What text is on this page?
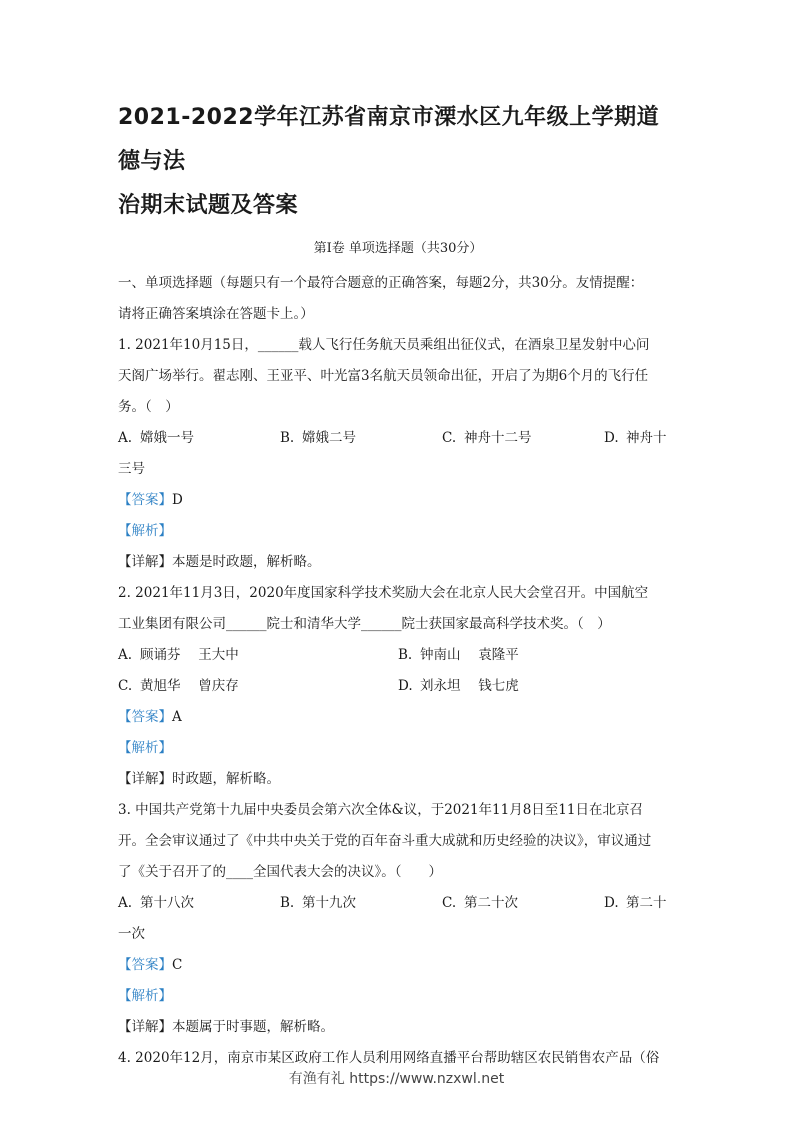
2021-2022学年江苏省南京市溧水区九年级上学期道德与法
治期末试题及答案

第Ⅰ卷 单项选择题（共30分）

一、单项选择题（每题只有一个最符合题意的正确答案，每题2分，共30分。友情提醒：

请将正确答案填涂在答题卡上。）

1. 2021年10月15日，______载人飞行任务航天员乘组出征仪式，在酒泉卫星发射中心问

天阁广场举行。翟志刚、王亚平、叶光富3名航天员领命出征，开启了为期6个月的飞行任

务。（　）

A. 嫦娥一号	B. 嫦娥二号	C. 神舟十二号	D. 神舟十

三号

【答案】D

【解析】

【详解】本题是时政题，解析略。

2. 2021年11月3日，2020年度国家科学技术奖励大会在北京人民大会堂召开。中国航空

工业集团有限公司______院士和清华大学______院士获国家最高科学技术奖。（　）

A. 顾诵芬　 王大中	B. 钟南山　 袁隆平
C. 黄旭华　 曾庆存	D. 刘永坦　 钱七虎

【答案】A

【解析】

【详解】时政题，解析略。

3. 中国共产党第十九届中央委员会第六次全体&议，于2021年11月8日至11日在北京召

开。全会审议通过了《中共中央关于党的百年奋斗重大成就和历史经验的决议》，审议通过

了《关于召开了的____全国代表大会的决议》。（　　）

A. 第十八次	B. 第十九次	C. 第二十次	D. 第二十

一次

【答案】C

【解析】

【详解】本题属于时事题，解析略。

4. 2020年12月，南京市某区政府工作人员利用网络直播平台帮助辖区农民销售农产品（俗

有渔有礼 https://www.nzxwl.net
